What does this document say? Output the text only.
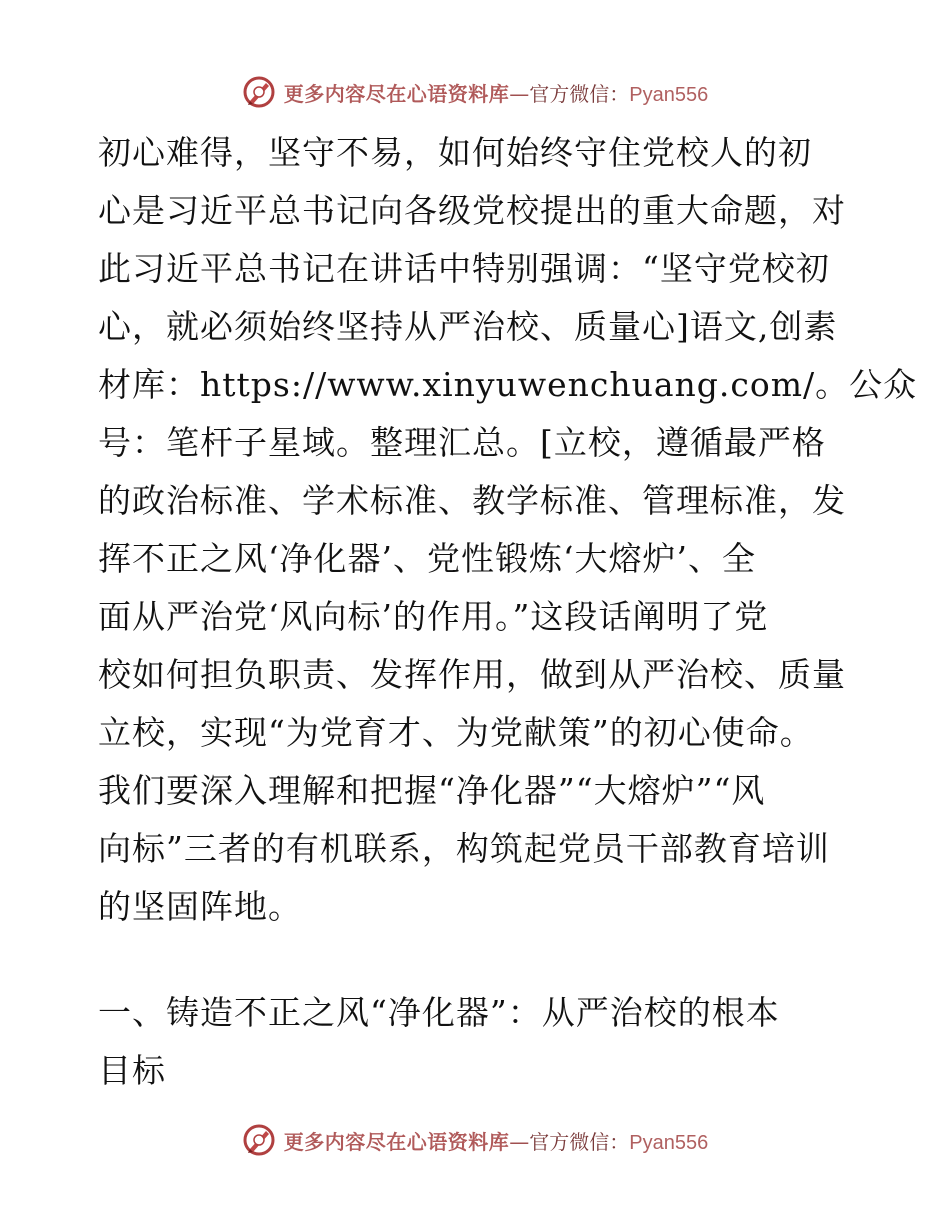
更多内容尽在心语资料库 — 官方微信： Pyan556
初心难得，坚守不易，如何始终守住党校人的初
心是习近平总书记向各级党校提出的重大命题，对
此习近平总书记在讲话中特别强调：“坚守党校初
心，就必须始终坚持从严治校、质量心]语文,创素
材库：https://www.xinyuwenchuang.com/。公众
号：笔杆子星域。整理汇总。[立校，遵循最严格
的政治标准、学术标准、教学标准、管理标准，发
挥不正之风‘净化器’、党性锻炼‘大熔炉’、全
面从严治党‘风向标’的作用。”这段话阐明了党
校如何担负职责、发挥作用，做到从严治校、质量
立校，实现“为党育才、为党献策”的初心使命。
我们要深入理解和把握“净化器”“大熔炉”“风
向标”三者的有机联系，构筑起党员干部教育培训
的坚固阵地。
一、铸造不正之风“净化器”：从严治校的根本
目标
更多内容尽在心语资料库 — 官方微信： Pyan556
